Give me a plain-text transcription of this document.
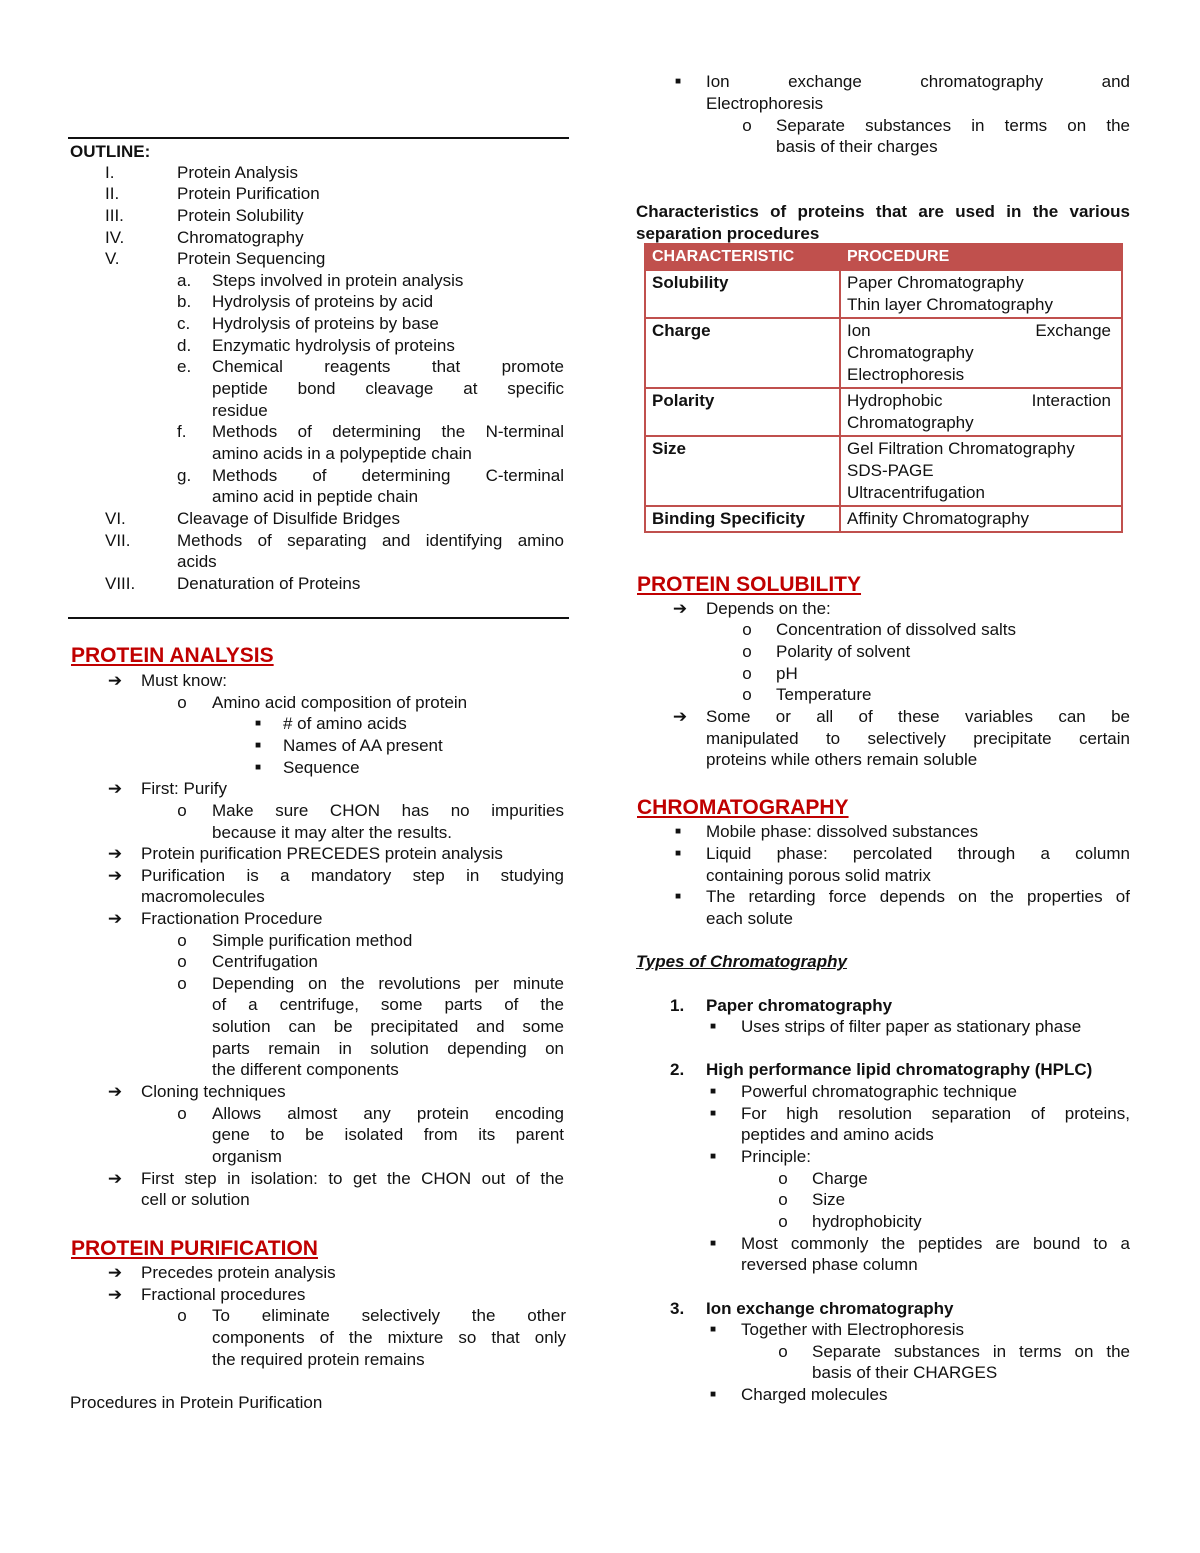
OUTLINE:
I.	Protein Analysis
II.	Protein Purification
III.	Protein Solubility
IV.	Chromatography
V.	Protein Sequencing
a. Steps involved in protein analysis
b. Hydrolysis of proteins by acid
c. Hydrolysis of proteins by base
d. Enzymatic hydrolysis of proteins
e. Chemical reagents that promote
peptide bond cleavage at specific
residue
f. Methods of determining the N-terminal
amino acids in a polypeptide chain
g. Methods of determining C-terminal
amino acid in peptide chain
VI.	Cleavage of Disulfide Bridges
VII.	Methods of separating and identifying amino
acids
VIII. Denaturation of Proteins
PROTEIN ANALYSIS
➔ Must know:
o	Amino acid composition of protein
■	# of amino acids
■	Names of AA present
■	Sequence
➔ First: Purify
o	Make sure CHON has no impurities
because it may alter the results.
➔ Protein purification PRECEDES protein analysis
➔ Purification is a mandatory step in studying
macromolecules
➔ Fractionation Procedure
o	Simple purification method
o	Centrifugation
o	Depending on the revolutions per minute
of a centrifuge, some parts of the
solution can be precipitated and some
parts remain in solution depending on
the different components
➔ Cloning techniques
o	Allows almost any protein encoding
gene to be isolated from its parent
organism
➔ First step in isolation: to get the CHON out of the
cell or solution
PROTEIN PURIFICATION
➔ Precedes protein analysis
➔ Fractional procedures
o	To eliminate selectively the other
components of the mixture so that only
the required protein remains
Procedures in Protein Purification
■	Ion exchange chromatography and
Electrophoresis
o	Separate substances in terms on the
basis of their charges
Characteristics of proteins that are used in the various
separation procedures
CHARACTERISTIC	PROCEDURE
Solubility	Paper Chromatography
Thin layer Chromatography

Charge	Ion Exchange
Chromatography
Electrophoresis

Polarity	Hydrophobic Interaction
Chromatography

Size	Gel Filtration Chromatography
SDS-PAGE
Ultracentrifugation

Binding Specificity	Affinity Chromatography
PROTEIN SOLUBILITY
➔ Depends on the:
o	Concentration of dissolved salts
o	Polarity of solvent
o	pH
o	Temperature
➔ Some or all of these variables can be
manipulated to selectively precipitate certain
proteins while others remain soluble
CHROMATOGRAPHY
■	Mobile phase: dissolved substances
■	Liquid phase: percolated through a column
containing porous solid matrix
■	The retarding force depends on the properties of
each solute
Types of Chromatography
1. Paper chromatography
■	Uses strips of filter paper as stationary phase
2. High performance lipid chromatography (HPLC)
■	Powerful chromatographic technique
■	For high resolution separation of proteins,
peptides and amino acids
■	Principle:
o	Charge
o	Size
o	hydrophobicity
■	Most commonly the peptides are bound to a
reversed phase column
3. Ion exchange chromatography
■	Together with Electrophoresis
o	Separate substances in terms on the
basis of their CHARGES
■	Charged molecules
